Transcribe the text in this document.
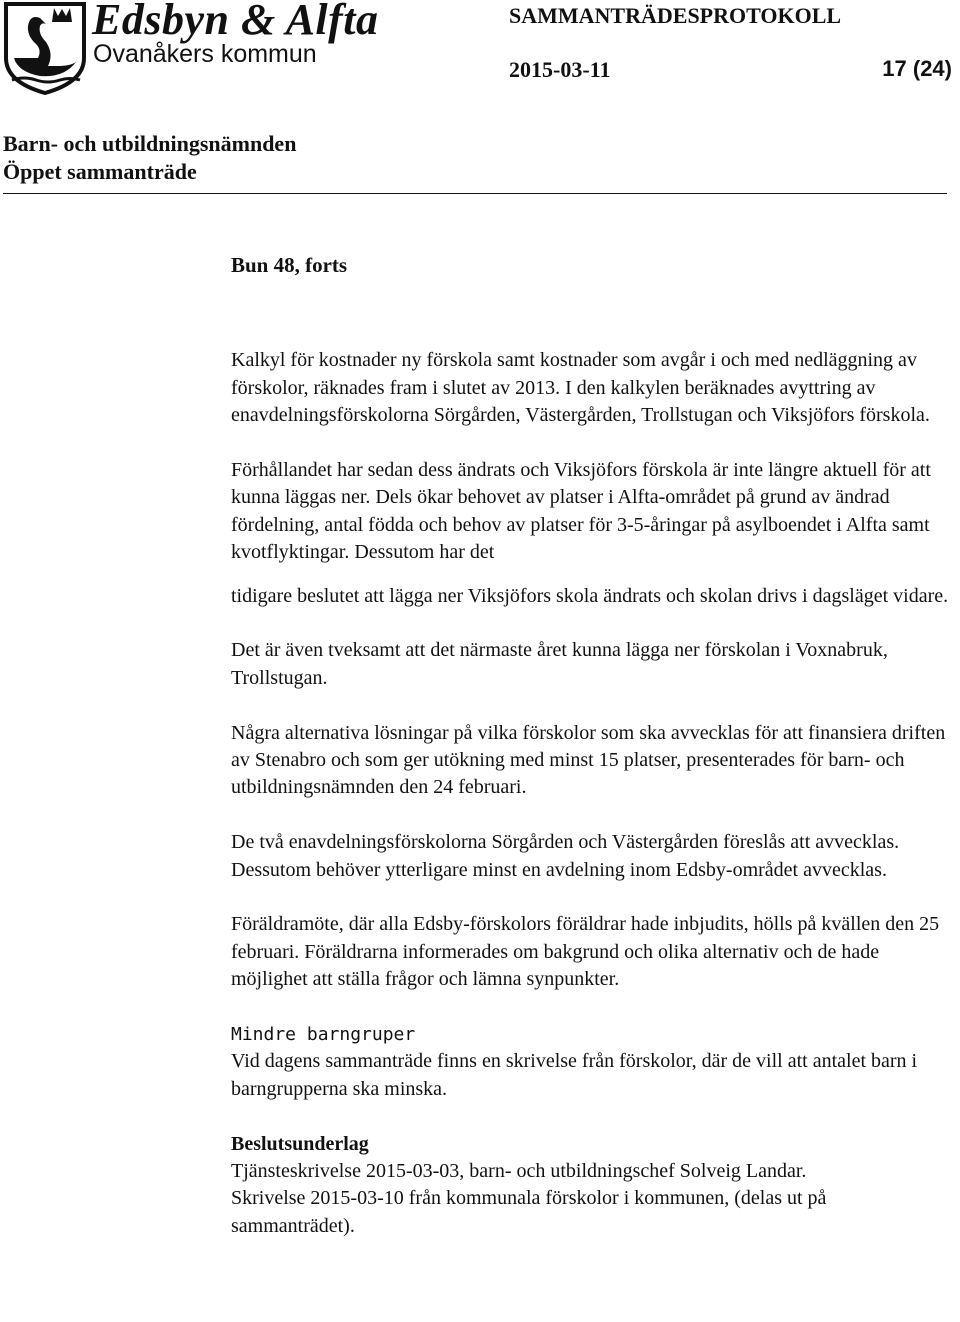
Edsbyn & Alfta
Ovanåkers kommun
SAMMANTRÄDESPROTOKOLL
2015-03-11	17 (24)
Barn- och utbildningsnämnden
Öppet sammanträde

Bun 48, forts

Kalkyl för kostnader ny förskola samt kostnader som avgår i och med nedläggning av förskolor, räknades fram i slutet av 2013. I den kalkylen beräknades avyttring av enavdelningsförskolorna Sörgården, Västergården, Trollstugan och Viksjöfors förskola.

Förhållandet har sedan dess ändrats och Viksjöfors förskola är inte längre aktuell för att kunna läggas ner. Dels ökar behovet av platser i Alfta-området på grund av ändrad fördelning, antal födda och behov av platser för 3-5-åringar på asylboendet i Alfta samt kvotflyktingar. Dessutom har det

tidigare beslutet att lägga ner Viksjöfors skola ändrats och skolan drivs i dagsläget vidare.

Det är även tveksamt att det närmaste året kunna lägga ner förskolan i Voxnabruk, Trollstugan.

Några alternativa lösningar på vilka förskolor som ska avvecklas för att finansiera driften av Stenabro och som ger utökning med minst 15 platser, presenterades för barn- och utbildningsnämnden den 24 februari.

De två enavdelningsförskolorna Sörgården och Västergården föreslås att avvecklas. Dessutom behöver ytterligare minst en avdelning inom Edsby-området avvecklas.

Föräldramöte, där alla Edsby-förskolors föräldrar hade inbjudits, hölls på kvällen den 25 februari. Föräldrarna informerades om bakgrund och olika alternativ och de hade möjlighet att ställa frågor och lämna synpunkter.

Mindre barngruper
Vid dagens sammanträde finns en skrivelse från förskolor, där de vill att antalet barn i barngrupperna ska minska.

Beslutsunderlag
Tjänsteskrivelse 2015-03-03, barn- och utbildningschef Solveig Landar.
Skrivelse 2015-03-10 från kommunala förskolor i kommunen, (delas ut på sammanträdet).
